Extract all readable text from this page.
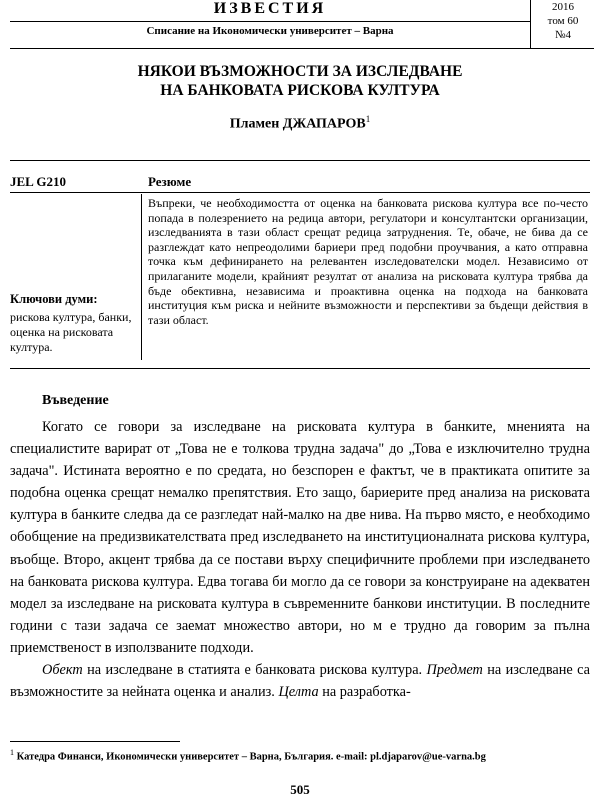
ИЗВЕСТИЯ
Списание на Икономически университет – Варна
2016
том 60
№4
НЯКОИ ВЪЗМОЖНОСТИ ЗА ИЗСЛЕДВАНЕ
НА БАНКОВАТА РИСКОВА КУЛТУРА
Пламен ДЖАПАРОВ$^1$
JEL G210	Резюме
Въпреки, че необходимостта от оценка на банковата рискова култура все по-често попада в полезрението на редица автори, регулатори и консултантски организации, изследванията в тази област срещат редица затруднения. Те, обаче, не бива да се разглеждат като непреодолими бариери пред подобни проучвания, а като отправна точка към дефинирането на релевантен изследователски модел. Независимо от прилаганите модели, крайният резултат от анализа на рисковата култура трябва да бъде обективна, независима и проактивна оценка на подхода на банковата институция към риска и нейните възможности и перспективи за бъдещи действия в тази област.
Ключови думи:
рискова култура, банки, оценка на рисковата култура.
Въведение

Когато се говори за изследване на рисковата култура в банките, мненията на специалистите варират от „Това не е толкова трудна задача" до „Това е изключително трудна задача". Истината вероятно е по средата, но безспорен е фактът, че в практиката опитите за подобна оценка срещат немалко препятствия. Ето защо, бариерите пред анализа на рисковата култура в банките следва да се разгледат най-малко на две нива. На първо място, е необходимо обобщение на предизвикателствата пред изследването на институционалната рискова култура, въобще. Второ, акцент трябва да се постави върху специфичните проблеми при изследването на банковата рискова култура. Едва тогава би могло да се говори за конструиране на адекватен модел за изследване на рисковата култура в съвременните банкови институции. В последните години с тази задача се заемат множество автори, но м е трудно да говорим за пълна приемственост в използваните подходи.

Обект на изследване в статията е банковата рискова култура. Предмет на изследване са възможностите за нейната оценка и анализ. Целта на разработка-

$^1$ Катедра Финанси, Икономически университет – Варна, България. e-mail: pl.djaparov@ue-varna.bg
505
